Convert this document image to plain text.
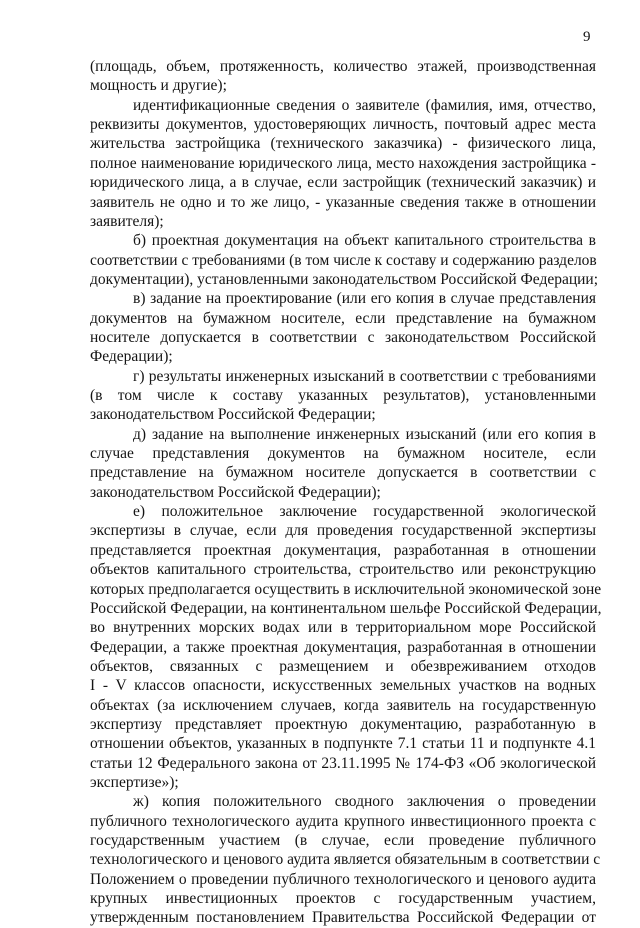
9
(площадь, объем, протяженность, количество этажей, производственная
мощность и другие);
идентификационные сведения о заявителе (фамилия, имя, отчество,
реквизиты документов, удостоверяющих личность, почтовый адрес места
жительства застройщика (технического заказчика) - физического лица,
полное наименование юридического лица, место нахождения застройщика -
юридического лица, а в случае, если застройщик (технический заказчик) и
заявитель не одно и то же лицо, - указанные сведения также в отношении
заявителя);
б) проектная документация на объект капитального строительства в
соответствии с требованиями (в том числе к составу и содержанию разделов
документации), установленными законодательством Российской Федерации;
в) задание на проектирование (или его копия в случае представления
документов на бумажном носителе, если представление на бумажном
носителе допускается в соответствии с законодательством Российской
Федерации);
г) результаты инженерных изысканий в соответствии с требованиями
(в том числе к составу указанных результатов), установленными
законодательством Российской Федерации;
д) задание на выполнение инженерных изысканий (или его копия в
случае представления документов на бумажном носителе, если
представление на бумажном носителе допускается в соответствии с
законодательством Российской Федерации);
е) положительное заключение государственной экологической
экспертизы в случае, если для проведения государственной экспертизы
представляется проектная документация, разработанная в отношении
объектов капитального строительства, строительство или реконструкцию
которых предполагается осуществить в исключительной экономической зоне
Российской Федерации, на континентальном шельфе Российской Федерации,
во внутренних морских водах или в территориальном море Российской
Федерации, а также проектная документация, разработанная в отношении
объектов, связанных с размещением и обезвреживанием отходов
I - V классов опасности, искусственных земельных участков на водных
объектах (за исключением случаев, когда заявитель на государственную
экспертизу представляет проектную документацию, разработанную в
отношении объектов, указанных в подпункте 7.1 статьи 11 и подпункте 4.1
статьи 12 Федерального закона от 23.11.1995 № 174-ФЗ «Об экологической
экспертизе»);
ж) копия положительного сводного заключения о проведении
публичного технологического аудита крупного инвестиционного проекта с
государственным участием (в случае, если проведение публичного
технологического и ценового аудита является обязательным в соответствии с
Положением о проведении публичного технологического и ценового аудита
крупных инвестиционных проектов с государственным участием,
утвержденным постановлением Правительства Российской Федерации от
